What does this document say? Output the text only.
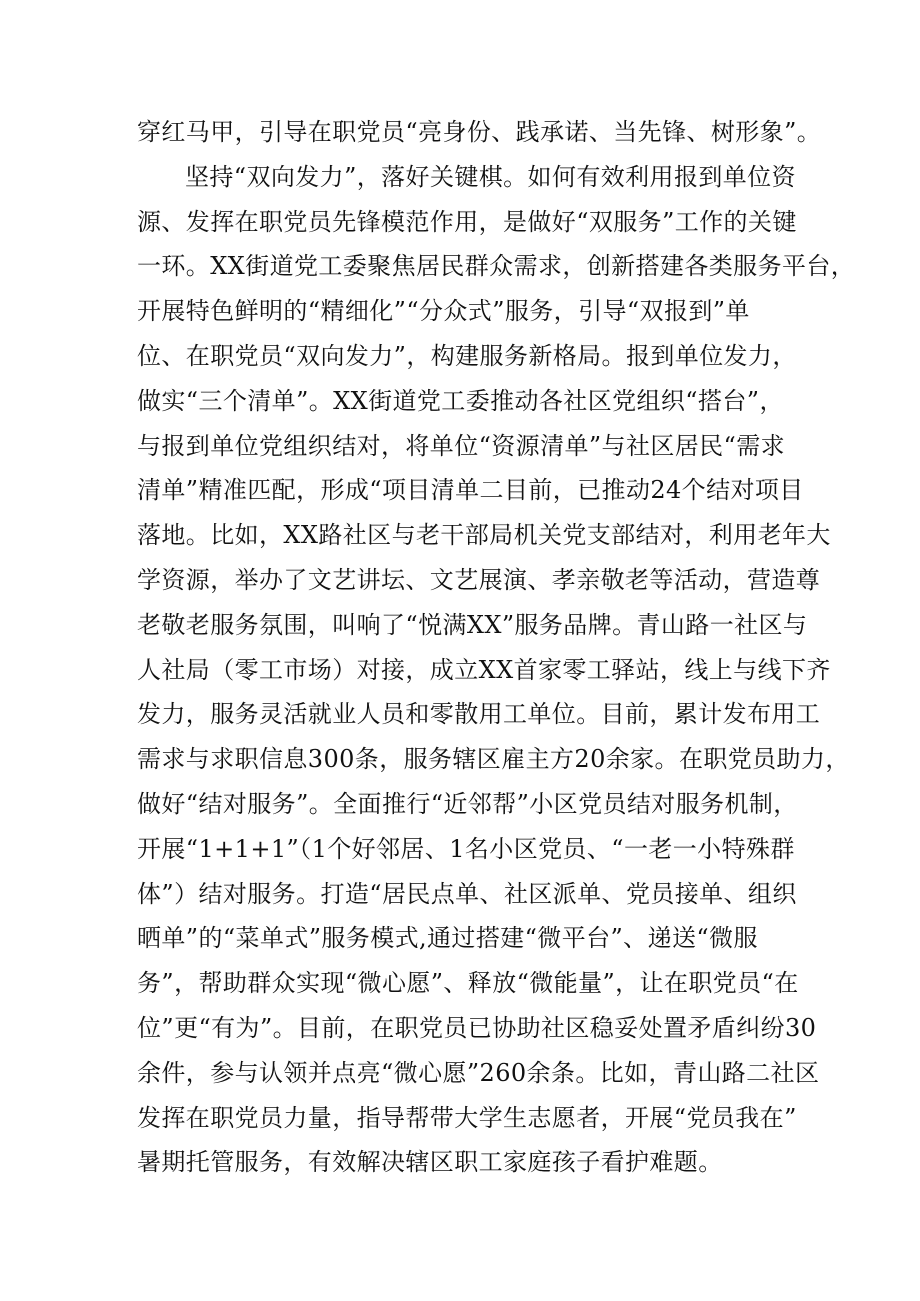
穿红马甲，引导在职党员“亮身份、践承诺、当先锋、树形象”。
坚持“双向发力”，落好关键棋。如何有效利用报到单位资
源、发挥在职党员先锋模范作用，是做好“双服务”工作的关键
一环。XX街道党工委聚焦居民群众需求，创新搭建各类服务平台，
开展特色鲜明的“精细化”“分众式”服务，引导“双报到”单
位、在职党员“双向发力”，构建服务新格局。报到单位发力，
做实“三个清单”。XX街道党工委推动各社区党组织“搭台”，
与报到单位党组织结对，将单位“资源清单”与社区居民“需求
清单”精准匹配，形成“项目清单二目前，已推动24个结对项目
落地。比如，XX路社区与老干部局机关党支部结对，利用老年大
学资源，举办了文艺讲坛、文艺展演、孝亲敬老等活动，营造尊
老敬老服务氛围，叫响了“悦满XX”服务品牌。青山路一社区与
人社局（零工市场）对接，成立XX首家零工驿站，线上与线下齐
发力，服务灵活就业人员和零散用工单位。目前，累计发布用工
需求与求职信息300条，服务辖区雇主方20余家。在职党员助力，
做好“结对服务”。全面推行“近邻帮”小区党员结对服务机制，
开展“1+1+1”（1个好邻居、1名小区党员、“一老一小特殊群
体”）结对服务。打造“居民点单、社区派单、党员接单、组织
晒单”的“菜单式”服务模式,通过搭建“微平台”、递送“微服
务”，帮助群众实现“微心愿”、释放“微能量”，让在职党员“在
位”更“有为”。目前，在职党员已协助社区稳妥处置矛盾纠纷30
余件，参与认领并点亮“微心愿”260余条。比如，青山路二社区
发挥在职党员力量，指导帮带大学生志愿者，开展“党员我在”
暑期托管服务，有效解决辖区职工家庭孩子看护难题。
